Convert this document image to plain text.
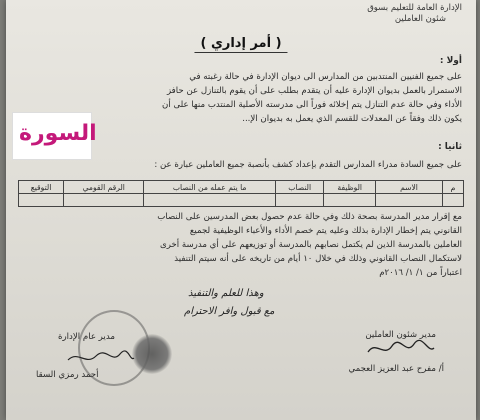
الإدارة العامة للتعليم بسوق
شئون العاملين
( أمر إداري )
أولا :
على جميع الفنيين المنتدبين من المدارس الى ديوان الإدارة في حالة رغبته في
الاستمرار بالعمل بديوان الإدارة عليه أن يتقدم بطلب على أن يقوم بالتنازل عن حافز
الأداء وفي حالة عدم التنازل يتم إخلائه فوراً الى مدرسته الأصلية المنتدب منها على أن
يكون ذلك وفقاً عن المعدلات للقسم الذي يعمل به بديوان الإ...
ثانيا :
على جميع السادة مدراء المدارس التقدم بإعداد كشف بأنصبة جميع العاملين عبارة عن :
م	الاسم	الوظيفة	النصاب	ما يتم عمله من النصاب	الرقم القومي	التوقيع

مع إقرار مدير المدرسة بصحة ذلك وفي حالة عدم حصول بعض المدرسين على النصاب
القانوني يتم إخطار الإدارة بذلك وعليه يتم خصم الأداء والأعباء الوظيفية لجميع
العاملين بالمدرسة الذين لم يكتمل نصابهم بالمدرسة أو توزيعهم على أي مدرسة أخرى
لاستكمال النصاب القانوني وذلك في خلال ١٠ أيام من تاريخه على أنه سيتم التنفيذ
اعتباراً من ١/ ١/ ٢٠١٦م
وهذا للعلم والتنفيذ
مع قبول وافر الاحترام
مدير شئون العاملين
أ/ مفرح عبد العزيز العجمي
مدير عام الإدارة
أحمد رمزي السقا
السورة
